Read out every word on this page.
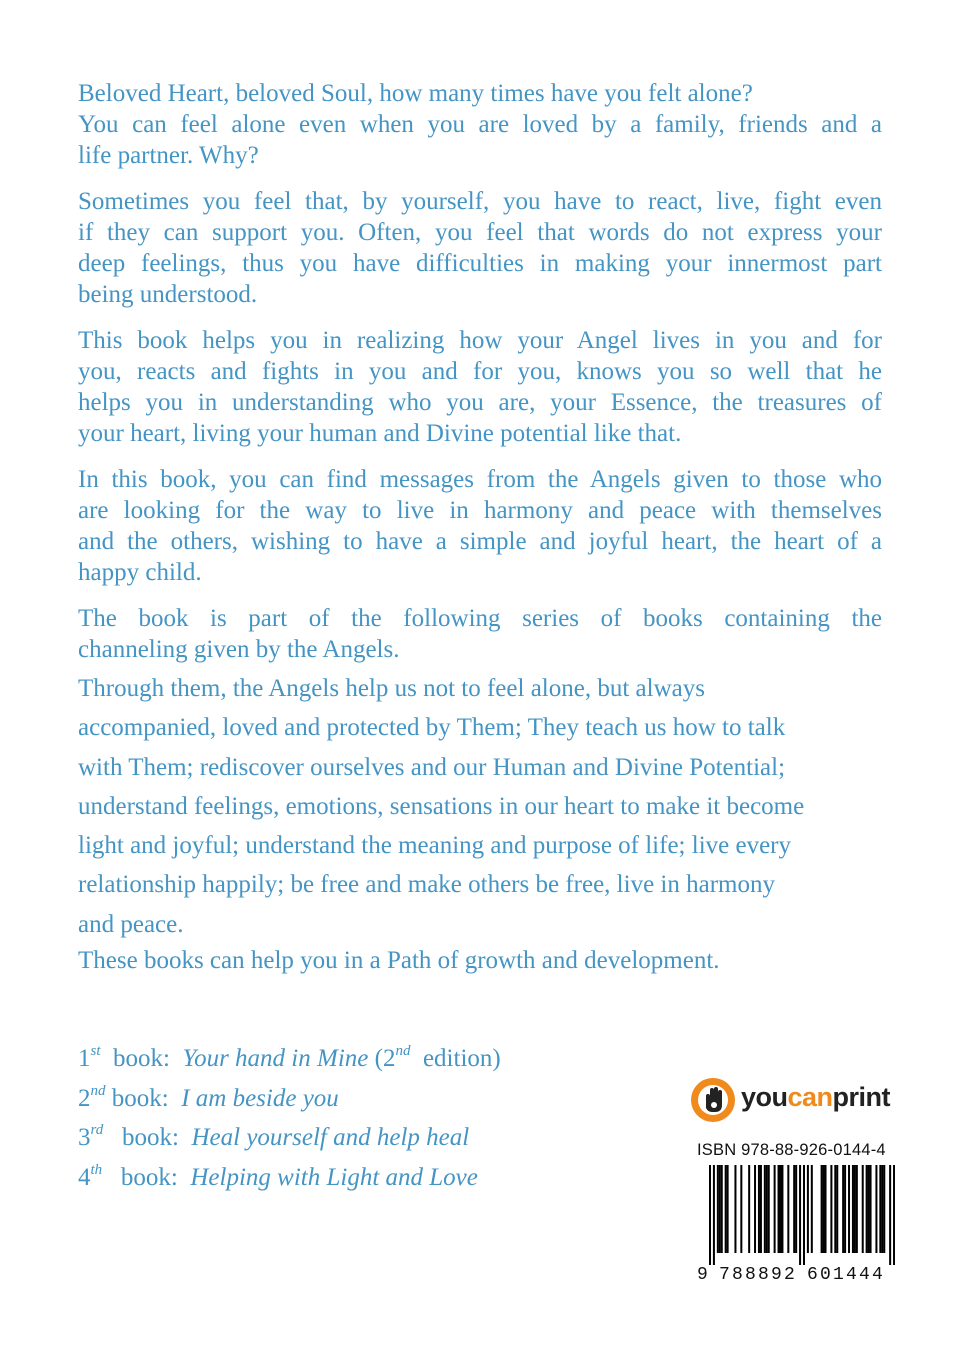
Beloved Heart, beloved Soul, how many times have you felt alone?
You can feel alone even when you are loved by a family, friends and a
life partner. Why?
Sometimes you feel that, by yourself, you have to react, live, fight even
if they can support you. Often, you feel that words do not express your
deep feelings, thus you have difficulties in making your innermost part
being understood.
This book helps you in realizing how your Angel lives in you and for
you, reacts and fights in you and for you, knows you so well that he
helps you in understanding who you are, your Essence, the treasures of
your heart, living your human and Divine potential like that.
In this book, you can find messages from the Angels given to those who
are looking for the way to live in harmony and peace with themselves
and the others, wishing to have a simple and joyful heart, the heart of a
happy child.
The book is part of the following series of books containing the
channeling given by the Angels.
Through them, the Angels help us not to feel alone, but always
accompanied, loved and protected by Them; They teach us how to talk
with Them; rediscover ourselves and our Human and Divine Potential;
understand feelings, emotions, sensations in our heart to make it become
light and joyful; understand the meaning and purpose of life; live every
relationship happily; be free and make others be free, live in harmony
and peace.
These books can help you in a Path of growth and development.
1st book: Your hand in Mine (2nd edition)
2nd book: I am beside you
3rd book: Heal yourself and help heal
4th book: Helping with Light and Love
youcanprint
ISBN 978-88-926-0144-4
9 788892 601444
